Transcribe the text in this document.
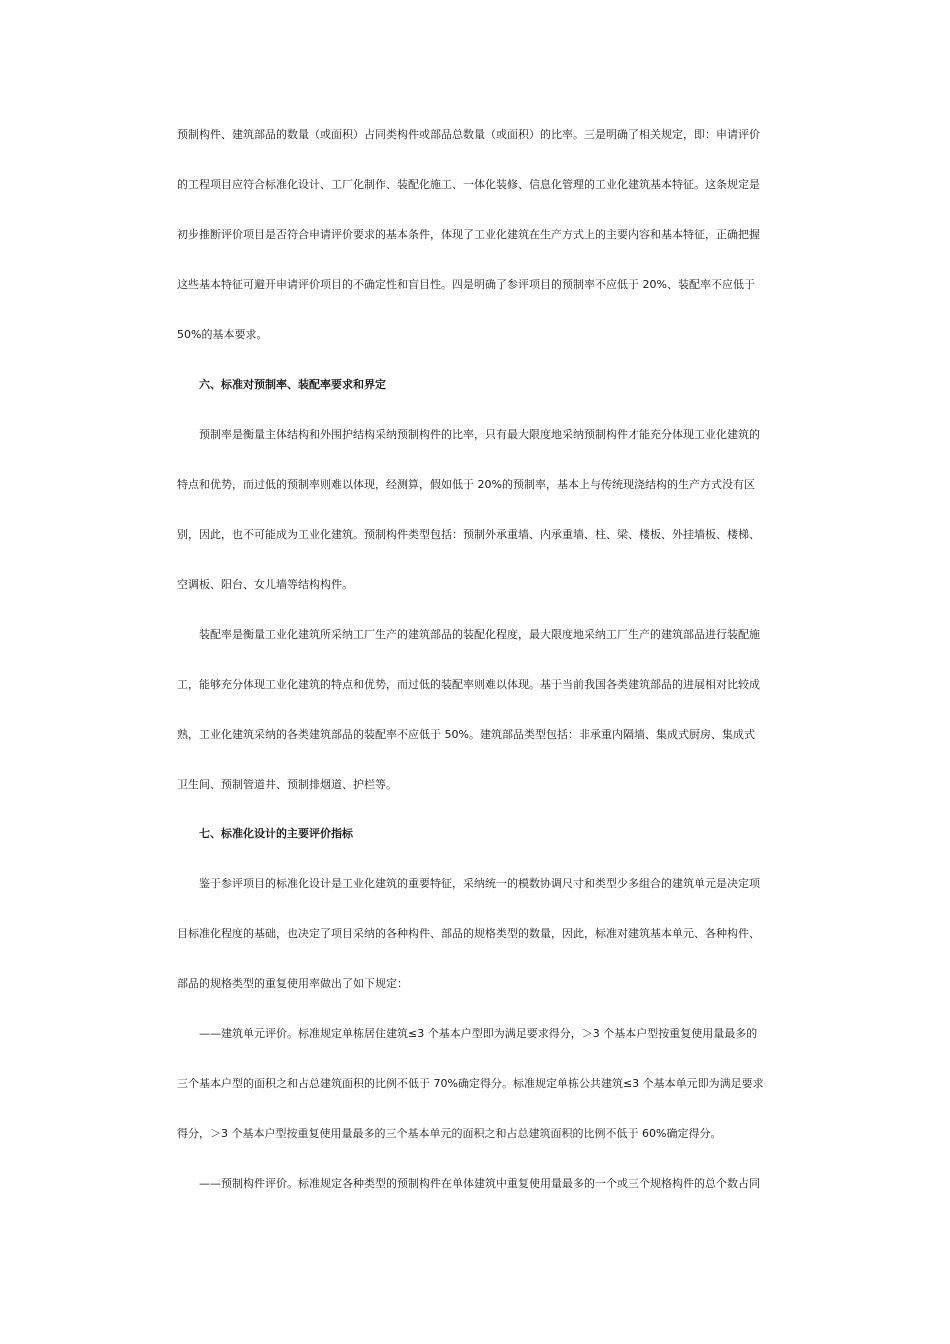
预制构件、建筑部品的数量（或面积）占同类构件或部品总数量（或面积）的比率。三是明确了相关规定，即：申请评价
的工程项目应符合标准化设计、工厂化制作、装配化施工、一体化装修、信息化管理的工业化建筑基本特征。这条规定是
初步推断评价项目是否符合申请评价要求的基本条件，体现了工业化建筑在生产方式上的主要内容和基本特征，正确把握
这些基本特征可避开申请评价项目的不确定性和盲目性。四是明确了参评项目的预制率不应低于 20%、装配率不应低于
50%的基本要求。
六、标准对预制率、装配率要求和界定
预制率是衡量主体结构和外围护结构采纳预制构件的比率，只有最大限度地采纳预制构件才能充分体现工业化建筑的
特点和优势，而过低的预制率则难以体现，经测算，假如低于 20%的预制率，基本上与传统现浇结构的生产方式没有区
别，因此，也不可能成为工业化建筑。预制构件类型包括：预制外承重墙、内承重墙、柱、梁、楼板、外挂墙板、楼梯、
空调板、阳台、女儿墙等结构构件。
装配率是衡量工业化建筑所采纳工厂生产的建筑部品的装配化程度，最大限度地采纳工厂生产的建筑部品进行装配施
工，能够充分体现工业化建筑的特点和优势，而过低的装配率则难以体现。基于当前我国各类建筑部品的进展相对比较成
熟，工业化建筑采纳的各类建筑部品的装配率不应低于 50%。建筑部品类型包括：非承重内隔墙、集成式厨房、集成式
卫生间、预制管道井、预制排烟道、护栏等。
七、标准化设计的主要评价指标
鉴于参评项目的标准化设计是工业化建筑的重要特征，采纳统一的模数协调尺寸和类型少多组合的建筑单元是决定项
目标准化程度的基础，也决定了项目采纳的各种构件、部品的规格类型的数量，因此，标准对建筑基本单元、各种构件、
部品的规格类型的重复使用率做出了如下规定：
——建筑单元评价。标准规定单栋居住建筑≤3 个基本户型即为满足要求得分，＞3 个基本户型按重复使用量最多的
三个基本户型的面积之和占总建筑面积的比例不低于 70%确定得分。标准规定单栋公共建筑≤3 个基本单元即为满足要求
得分，＞3 个基本户型按重复使用量最多的三个基本单元的面积之和占总建筑面积的比例不低于 60%确定得分。
——预制构件评价。标准规定各种类型的预制构件在单体建筑中重复使用量最多的一个或三个规格构件的总个数占同
